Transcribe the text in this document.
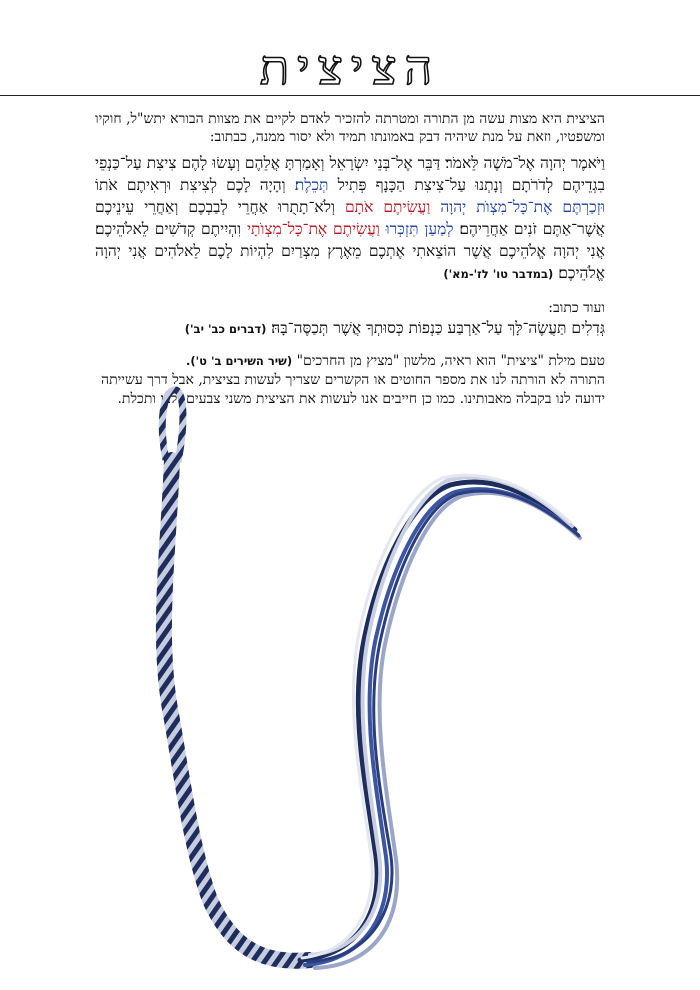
הציצית

הציצית היא מצות עשה מן התורה ומטרתה להזכיר לאדם לקיים את מצוות הבורא יתש"ל, חוקיו ומשפטיו, וזאת על מנת שיהיה דבק באמונתו תמיד ולא יסור ממנה, כבתוב:

וַיֹּאמֶר יְהוָה אֶל־מֹשֶׁה לֵּאמֹר׃ דַּבֵּר אֶל־בְּנֵי יִשְׂרָאֵל וְאָמַרְתָּ אֲלֵהֶם וְעָשׂוּ לָהֶם צִיצִת עַל־כַּנְפֵי בִגְדֵיהֶם לְדֹרֹתָם וְנָתְנוּ עַל־צִיצִת הַכָּנָף פְּתִיל תְּכֵלֶת׃ וְהָיָה לָכֶם לְצִיצִת וּרְאִיתֶם אֹתוֹ וּזְכַרְתֶּם אֶת־כָּל־מִצְוֺת יְהוָה וַעֲשִׂיתֶם אֹתָם וְלֹא־תָתֻרוּ אַחֲרֵי לְבַבְכֶם וְאַחֲרֵי עֵינֵיכֶם אֲשֶׁר־אַתֶּם זֹנִים אַחֲרֵיהֶם׃ לְמַעַן תִּזְכְּרוּ וַעֲשִׂיתֶם אֶת־כָּל־מִצְוֺתָי וִהְיִיתֶם קְדֹשִׁים לֵאלֹהֵיכֶם׃ אֲנִי יְהוָה אֱלֹהֵיכֶם אֲשֶׁר הוֹצֵאתִי אֶתְכֶם מֵאֶרֶץ מִצְרַיִם לִהְיוֹת לָכֶם לֵאלֹהִים אֲנִי יְהוָה אֱלֹהֵיכֶם׃ (במדבר טו' לז'-מא')

ועוד כתוב:

גְּדִלִים תַּעֲשֶׂה־לָּךְ עַל־אַרְבַּע כַּנְפוֹת כְּסוּתְךָ אֲשֶׁר תְּכַסֶּה־בָּהּ׃ (דברים כב' יב')

טעם מילת "ציצית" הוא ראיה, מלשון "מציץ מן החרכים" (שיר השירים ב' ט').
התורה לא הורתה לנו את מספר החוטים או הקשרים שצריך לעשות בציצית, אבל דרך עשייתה ידועה לנו בקבלה מאבותינו. כמו כן חייבים אנו לעשות את הציצית משני צבעים, לבן ותכלת.
